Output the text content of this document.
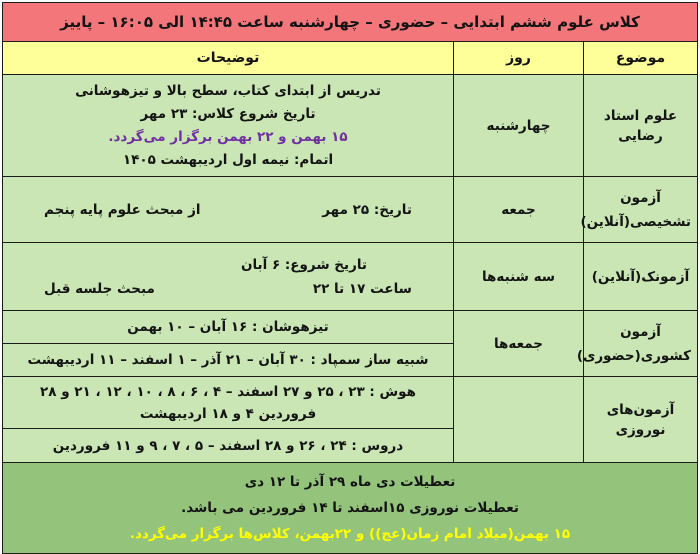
کلاس علوم ششم ابتدایی – حضوری – چهارشنبه ساعت ۱۴:۴۵ الی ۱۶:۰۵ – پاییز		
موضوع	روز	توضیحات
علوم استاد رضایی	چهارشنبه	تدریس از ابتدای کتاب، سطح بالا و تیزهوشانی
تاریخ شروع کلاس: ۲۳ مهر
۱۵ بهمن و ۲۲ بهمن برگزار می‌گردد.
اتمام: نیمه اول اردیبهشت ۱۴۰۵

آزمون
تشخیصی(آنلاین)	جمعه	تاریخ: ۲۵ مهر
از مبحث علوم پایه پنجم

آزمونک(آنلاین)	سه شنبه‌ها	تاریخ شروع: ۶ آبان
ساعت ۱۷ تا ۲۲
مبحث جلسه قبل

آزمون
کشوری(حضوری)	جمعه‌ها	تیزهوشان : ۱۶ آبان – ۱۰ بهمن
		شبیه ساز سمپاد : ۳۰ آبان – ۲۱ آذر – ۱ اسفند – ۱۱ اردیبهشت
آزمون‌های نوروزی		هوش : ۲۳ ، ۲۵ و ۲۷ اسفند – ۴ ، ۶ ، ۸ ، ۱۰ ، ۱۲ ، ۲۱ و ۲۸ فروردین ۴ و ۱۸ اردیبهشت
		دروس : ۲۴ ، ۲۶ و ۲۸ اسفند – ۵ ، ۷ ، ۹ و ۱۱ فروردین

تعطیلات دی ماه ۲۹ آذر تا ۱۲ دی
تعطیلات نوروزی ۱۵اسفند تا ۱۴ فروردین می باشد.
۱۵ بهمن(میلاد امام زمان(عج)) و ۲۲بهمن، کلاس‌ها برگزار می‌گردد.		
